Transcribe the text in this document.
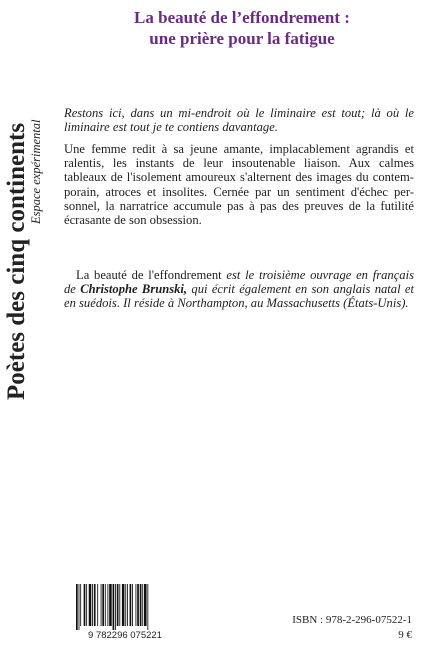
Poètes des cinq continents Espace expérimental
La beauté de l’effondrement :
une prière pour la fatigue
Restons ici, dans un mi-endroit où le liminaire est tout; là où le liminaire est tout je te contiens davantage.
Une femme redit à sa jeune amante, implacablement agrandis et ralentis, les instants de leur insoutenable liaison. Aux calmes tableaux de l'isolement amoureux s'alternent des images du contem-porain, atroces et insolites. Cernée par un sentiment d'échec per-sonnel, la narratrice accumule pas à pas des preuves de la futilité écrasante de son obsession.
La beauté de l'effondrement est le troisième ouvrage en français de Christophe Brunski, qui écrit également en son anglais natal et en suédois. Il réside à Northampton, au Massachusetts (États-Unis).
9 782296 075221
ISBN : 978-2-296-07522-1
9 €
